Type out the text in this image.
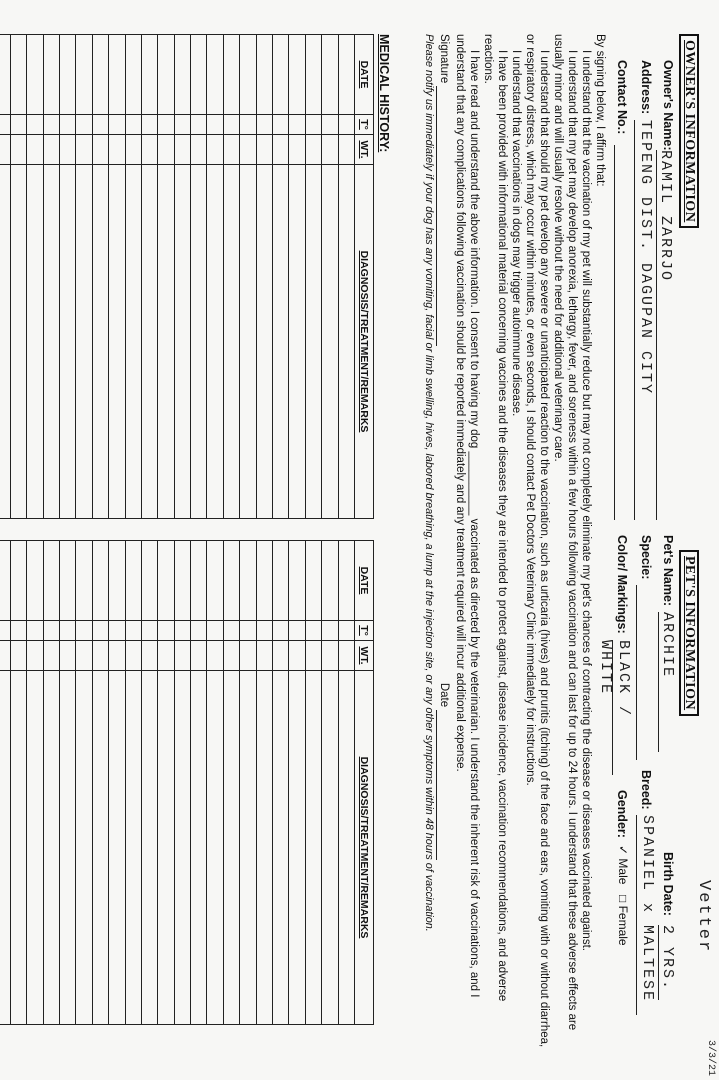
OWNER'S INFORMATION
Owner's Name:
RAMIL ZARRJO
Address:
TEPENG DIST. DAGUPAN CITY
Contact No.:
PET'S INFORMATION
Pet's Name:
ARCHIE
Birth Date:
2 YRS.
Specie:
Breed:
SPANIEL x MALTESE
Color/ Markings:
BLACK / WHITE
Gender:
✓ Male
□ Female	Vetter
3/3/21
By signing below, I affirm that:
I understand that the vaccination of my pet will substantially reduce but may not completely eliminate my pet's chances of contracting the disease or diseases vaccinated against.
I understand that my pet may develop anorexia, lethargy, fever, and soreness within a few hours following vaccination and can last for up to 24 hours. I understand that these adverse effects are usually minor and will usually resolve without the need for additional veterinary care.
I understand that should my pet develop any severe or unanticipated reaction to the vaccination, such as urticaria (hives) and pruritis (itching) of the face and ears, vomiting with or without diarrhea, or respiratory distress, which may occur within minutes, or even seconds, I should contact Pet Doctors Veterinary Clinic immediately for instructions.
I understand that vaccinations in dogs may trigger autoimmune disease.
I have been provided with informational material concerning vaccines and the diseases they are intended to protect against, disease incidence, vaccination recommendations, and adverse reactions.
I have read and understand the above information. I consent to having my dog __________ vaccinated as directed by the veterinarian. I understand the inherent risk of vaccinations, and I understand that any complications following vaccination should be reported immediately and any treatment required will incur additional expense.
Signature    Date
Please notify us immediately if your dog has any vomiting, facial or limb swelling, hives, labored breathing, a lump at the injection site, or any other symptoms within 48 hours of vaccination.
MEDICAL HISTORY:
DATE	T°	WT.	DIAGNOSIS/TREATMENT/REMARKS

DATE	T°	WT.	DIAGNOSIS/TREATMENT/REMARKS
